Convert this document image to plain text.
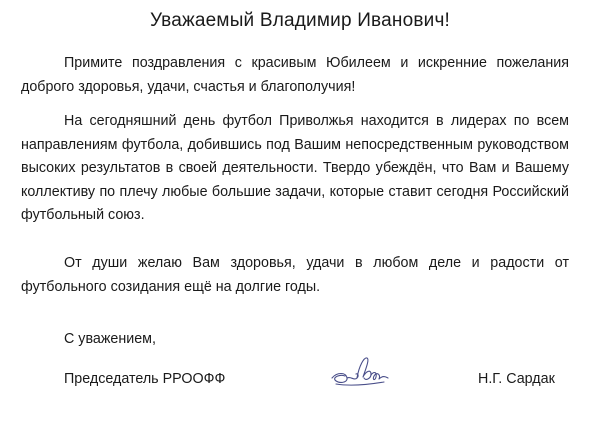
Уважаемый Владимир Иванович!

Примите поздравления с красивым Юбилеем и искренние пожелания доброго здоровья, удачи, счастья и благополучия!

На сегодняшний день футбол Приволжья находится в лидерах по всем направлениям футбола, добившись под Вашим непосредственным руководством высоких результатов в своей деятельности. Твердо убеждён, что Вам и Вашему коллективу по плечу любые большие задачи, которые ставит сегодня Российский футбольный союз.

От души желаю Вам здоровья, удачи в любом деле и радости от футбольного созидания ещё на долгие годы.

С уважением,
Председатель РРООФФ	Н.Г. Сардак
